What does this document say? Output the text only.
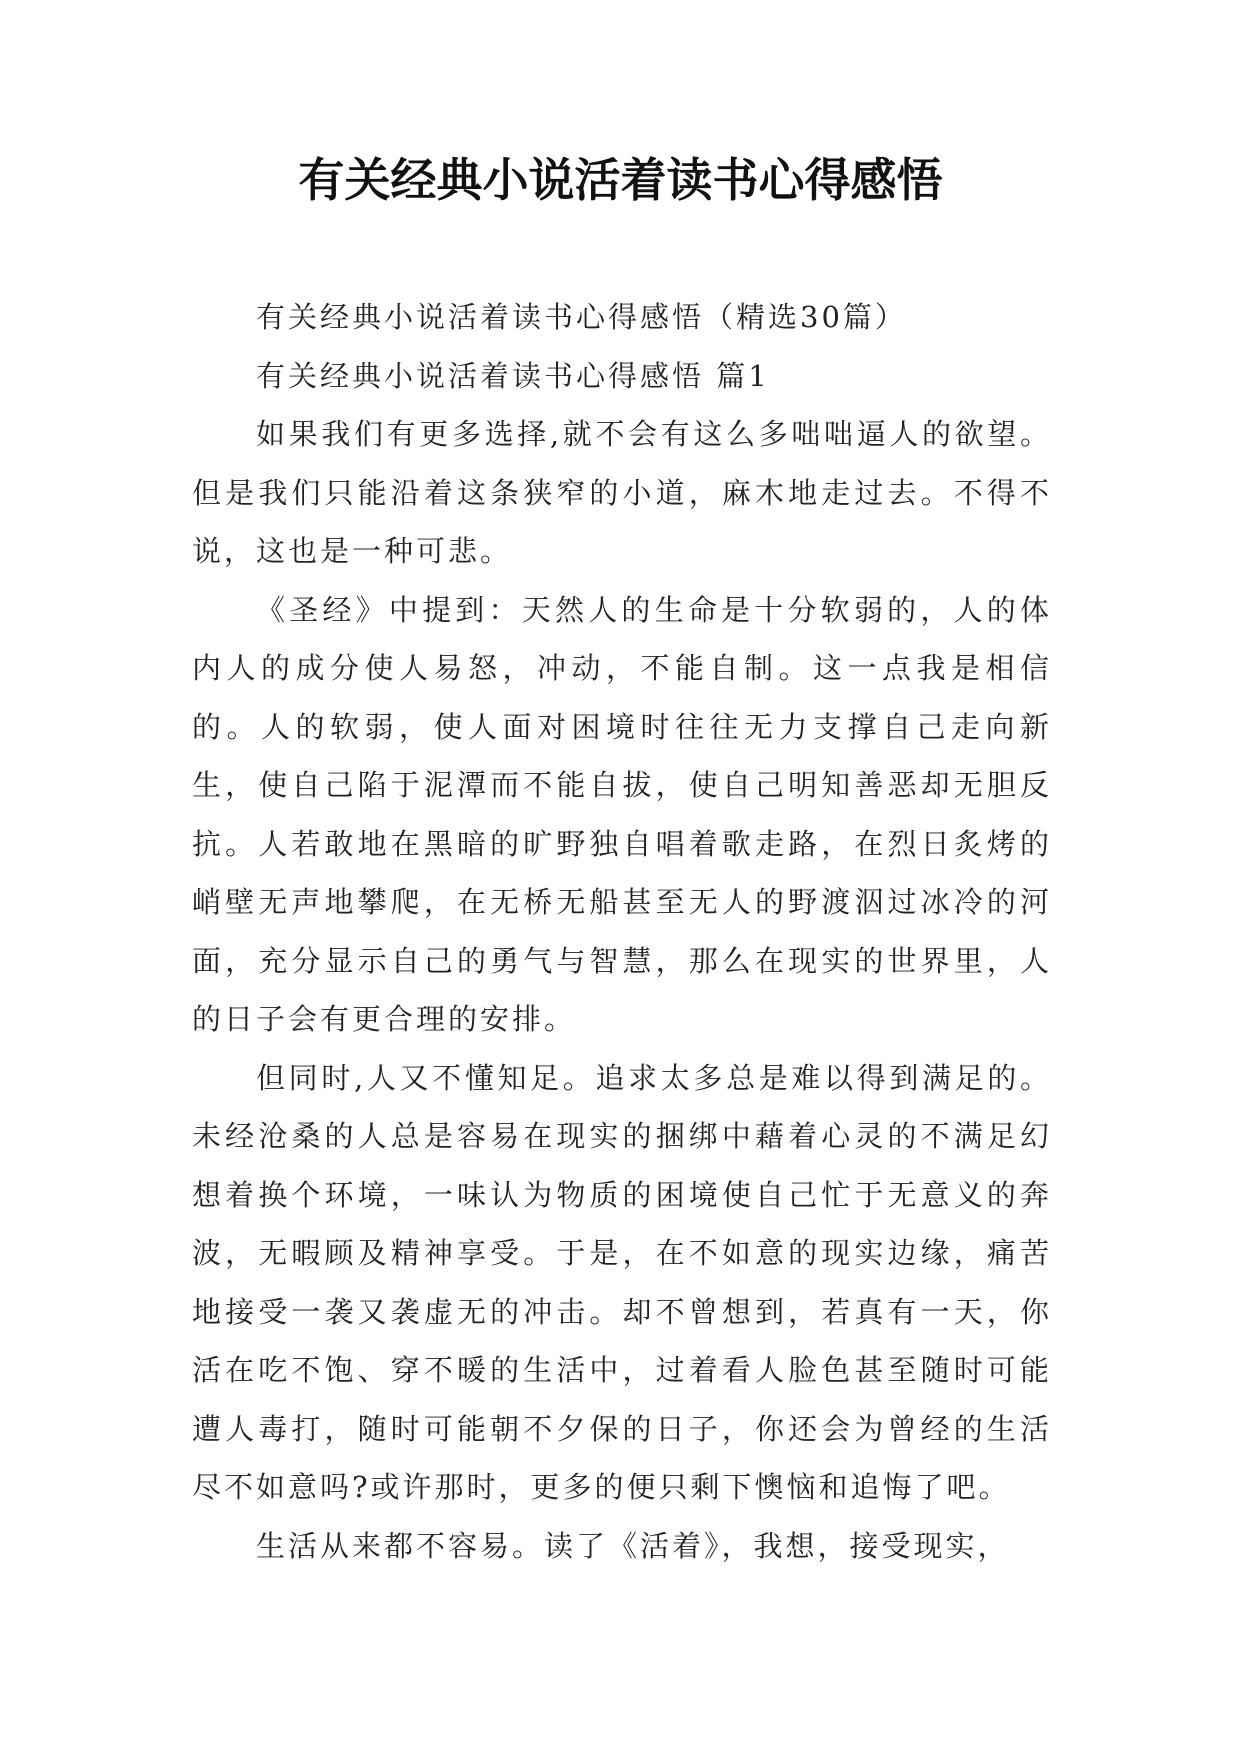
有关经典小说活着读书心得感悟

有关经典小说活着读书心得感悟（精选30篇）

有关经典小说活着读书心得感悟 篇1

如果我们有更多选择,就不会有这么多咄咄逼人的欲望。但是我们只能沿着这条狭窄的小道，麻木地走过去。不得不说，这也是一种可悲。

《圣经》中提到：天然人的生命是十分软弱的，人的体内人的成分使人易怒，冲动，不能自制。这一点我是相信的。人的软弱，使人面对困境时往往无力支撑自己走向新生，使自己陷于泥潭而不能自拔，使自己明知善恶却无胆反抗。人若敢地在黑暗的旷野独自唱着歌走路，在烈日炙烤的峭壁无声地攀爬，在无桥无船甚至无人的野渡泅过冰冷的河面，充分显示自己的勇气与智慧，那么在现实的世界里，人的日子会有更合理的安排。

但同时,人又不懂知足。追求太多总是难以得到满足的。未经沧桑的人总是容易在现实的捆绑中藉着心灵的不满足幻想着换个环境，一味认为物质的困境使自己忙于无意义的奔波，无暇顾及精神享受。于是，在不如意的现实边缘，痛苦地接受一袭又袭虚无的冲击。却不曾想到，若真有一天，你活在吃不饱、穿不暖的生活中，过着看人脸色甚至随时可能遭人毒打，随时可能朝不夕保的日子，你还会为曾经的生活尽不如意吗?或许那时，更多的便只剩下懊恼和追悔了吧。

生活从来都不容易。读了《活着》，我想，接受现实，
